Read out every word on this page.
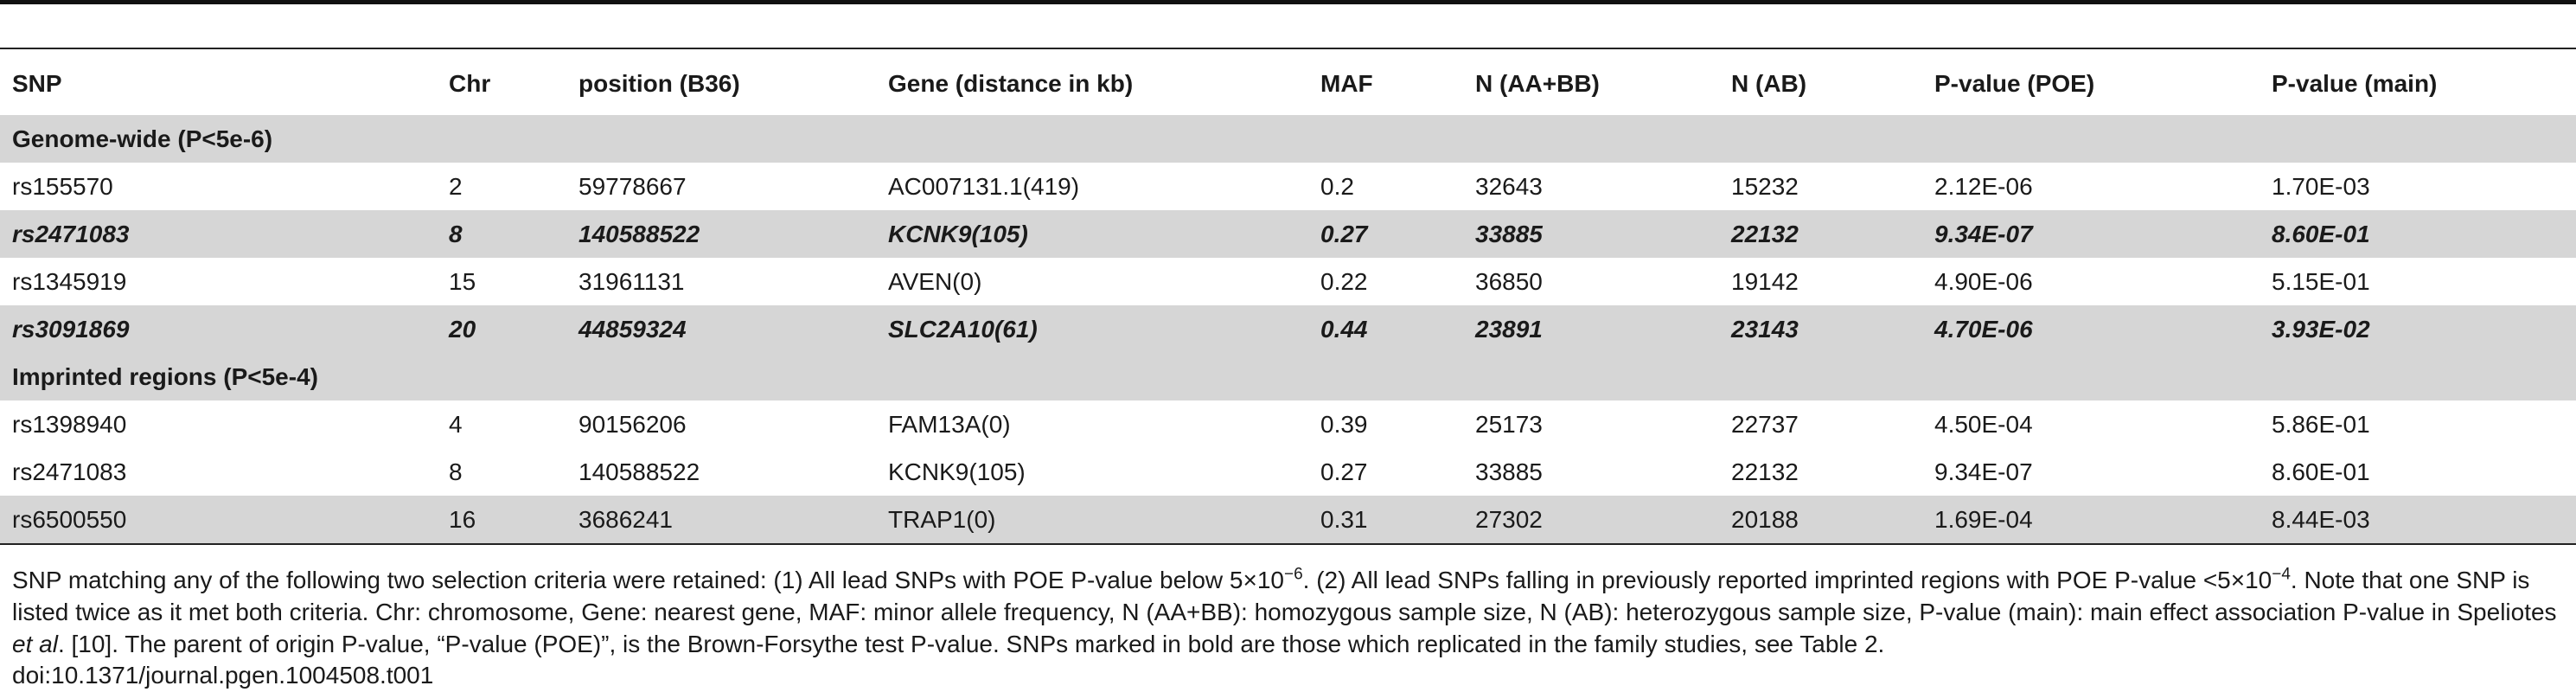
SNP	Chr	position (B36)	Gene (distance in kb)	MAF	N (AA+BB)	N (AB)	P-value (POE)	P-value (main)
Genome-wide (P<5e-6)								
rs155570	2	59778667	AC007131.1(419)	0.2	32643	15232	2.12E-06	1.70E-03
rs2471083	8	140588522	KCNK9(105)	0.27	33885	22132	9.34E-07	8.60E-01
rs1345919	15	31961131	AVEN(0)	0.22	36850	19142	4.90E-06	5.15E-01
rs3091869	20	44859324	SLC2A10(61)	0.44	23891	23143	4.70E-06	3.93E-02
Imprinted regions (P<5e-4)								
rs1398940	4	90156206	FAM13A(0)	0.39	25173	22737	4.50E-04	5.86E-01
rs2471083	8	140588522	KCNK9(105)	0.27	33885	22132	9.34E-07	8.60E-01
rs6500550	16	3686241	TRAP1(0)	0.31	27302	20188	1.69E-04	8.44E-03

SNP matching any of the following two selection criteria were retained: (1) All lead SNPs with POE P-value below $5\times 10^{-6}$. (2) All lead SNPs falling in previously reported imprinted regions with POE P-value $<5\times 10^{-4}$. Note that one SNP is listed twice as it met both criteria. Chr: chromosome, Gene: nearest gene, MAF: minor allele frequency, N (AA+BB): homozygous sample size, N (AB): heterozygous sample size, P-value (main): main effect association P-value in Speliotes et al. [10]. The parent of origin P-value, “P-value (POE)”, is the Brown-Forsythe test P-value. SNPs marked in bold are those which replicated in the family studies, see Table 2.

doi:10.1371/journal.pgen.1004508.t001
